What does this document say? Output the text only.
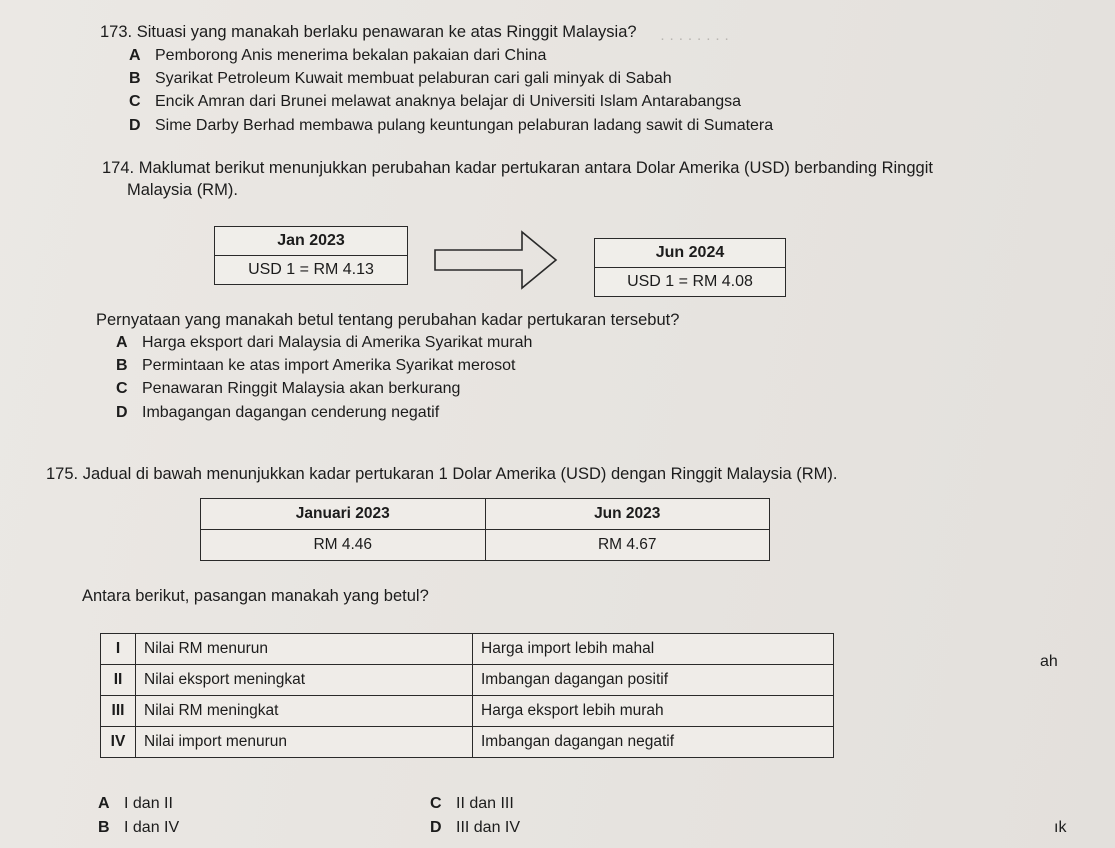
· · · · · · · ·
173. Situasi yang manakah berlaku penawaran ke atas Ringgit Malaysia?
A Pemborong Anis menerima bekalan pakaian dari China
B Syarikat Petroleum Kuwait membuat pelaburan cari gali minyak di Sabah
C Encik Amran dari Brunei melawat anaknya belajar di Universiti Islam Antarabangsa
D Sime Darby Berhad membawa pulang keuntungan pelaburan ladang sawit di Sumatera
174. Maklumat berikut menunjukkan perubahan kadar pertukaran antara Dolar Amerika (USD) berbanding Ringgit
Malaysia (RM).
Jan 2023
USD 1 = RM 4.13
Jun 2024
USD 1 = RM 4.08
Pernyataan yang manakah betul tentang perubahan kadar pertukaran tersebut?
A Harga eksport dari Malaysia di Amerika Syarikat murah
B Permintaan ke atas import Amerika Syarikat merosot
C Penawaran Ringgit Malaysia akan berkurang
D Imbagangan dagangan cenderung negatif
175. Jadual di bawah menunjukkan kadar pertukaran 1 Dolar Amerika (USD) dengan Ringgit Malaysia (RM).
Januari 2023	Jun 2023
RM 4.46	RM 4.67
Antara berikut, pasangan manakah yang betul?
I	Nilai RM menurun	Harga import lebih mahal
II	Nilai eksport meningkat	Imbangan dagangan positif
III	Nilai RM meningkat	Harga eksport lebih murah
IV	Nilai import menurun	Imbangan dagangan negatif
ah
A I dan II
B I dan IV
C II dan III
D III dan IV	ık
